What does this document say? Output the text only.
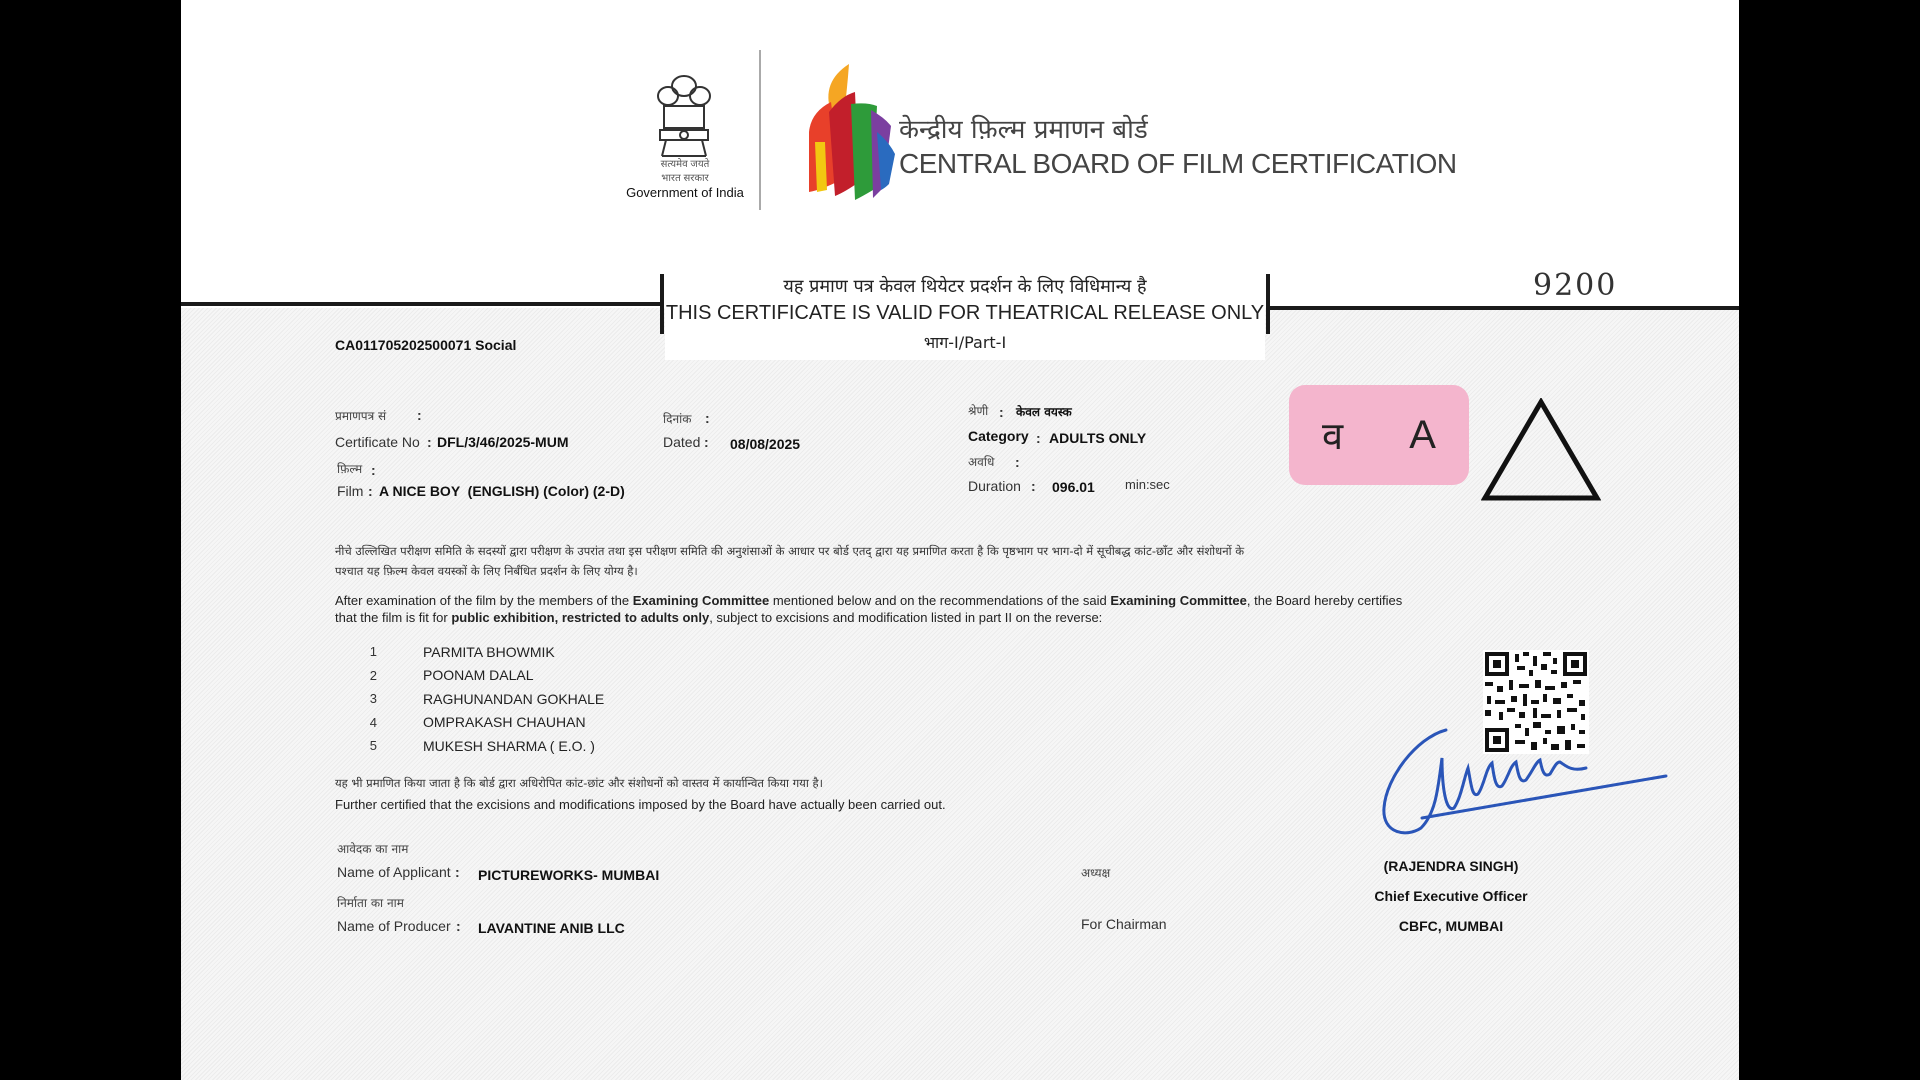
सत्यमेव जयते
भारत सरकार
Government of India
केन्द्रीय फ़िल्म प्रमाणन बोर्ड
CENTRAL BOARD OF FILM CERTIFICATION
यह प्रमाण पत्र केवल थियेटर प्रदर्शन के लिए विधिमान्य है
THIS CERTIFICATE IS VALID FOR THEATRICAL RELEASE ONLY
भाग-I/Part-I
9200
CA011705202500071 Social
प्रमाणपत्र सं :
Certificate No : DFL/3/46/2025-MUM
दिनांक :
Dated : 08/08/2025
फ़िल्म :
Film : A NICE BOY  (ENGLISH) (Color) (2-D)
श्रेणी : केवल वयस्क
Category : ADULTS ONLY
अवधि :
Duration : 096.01 min:sec
व A
नीचे उल्लिखित परीक्षण समिति के सदस्यों द्वारा परीक्षण के उपरांत तथा इस परीक्षण समिति की अनुशंसाओं के आधार पर बोर्ड एतद् द्वारा यह प्रमाणित करता है कि पृष्ठभाग पर भाग-दो में सूचीबद्ध कांट-छाँट और संशोधनों के
पश्चात यह फ़िल्म केवल वयस्कों के लिए निर्बंधित प्रदर्शन के लिए योग्य है।
After examination of the film by the members of the Examining Committee mentioned below and on the recommendations of the said Examining Committee, the Board hereby certifies
that the film is fit for public exhibition, restricted to adults only, subject to excisions and modification listed in part II on the reverse:
1	PARMITA BHOWMIK
2	POONAM DALAL
3	RAGHUNANDAN GOKHALE
4	OMPRAKASH CHAUHAN
5	MUKESH SHARMA ( E.O. )
यह भी प्रमाणित किया जाता है कि बोर्ड द्वारा अधिरोपित कांट-छांट और संशोधनों को वास्तव में कार्यान्वित किया गया है।
Further certified that the excisions and modifications imposed by the Board have actually been carried out.
आवेदक का नाम
Name of Applicant : PICTUREWORKS- MUMBAI
निर्माता का नाम
Name of Producer : LAVANTINE ANIB LLC
अध्यक्ष
For Chairman
(RAJENDRA SINGH)
Chief Executive Officer
CBFC, MUMBAI
